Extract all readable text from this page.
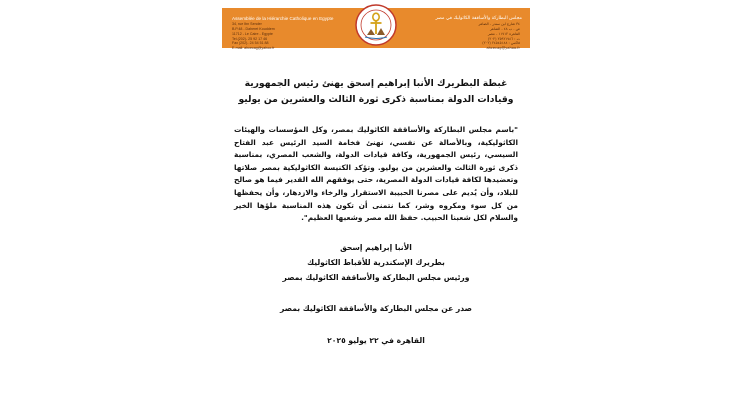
Assemblée de la Hiérarchie Catholique en Egypte	مجلس البطاركة والأساقفة الكاثوليك في مصر
34, rue Ibn Sender
B.P.48 - Daheret Kouddem
11712 - Le Caire - Egypte
Tel.(202)- 25 92 17 46
Fax (202)- 24 54 51 88
E-mail: ahcecag@yahoo.fr
٣٤ شارع ابن سندر - الضاهر
ص . ب ٤٨ - الضاهر
القاهرة ١١٧١٢ - مصر
ت : ٢٥٩٢١٧٤٦ (٢٠٢)
فاكس : ٢٤٥٤٥١٨٨ (٢٠٢)
ahcecag@yahoo.fr
غبطة البطريرك الأنبا إبراهيم إسحق يهنئ رئيس الجمهورية
وقيادات الدولة بمناسبة ذكرى ثورة الثالث والعشرين من يوليو
"باسم مجلس البطاركة والأساقفة الكاثوليك بمصر، وكل المؤسسات والهيئات الكاثوليكية، وبالأصالة عن نفسي، نهنئ فخامة السيد الرئيس عبد الفتاح السيسي، رئيس الجمهورية، وكافة قيادات الدولة، والشعب المصري، بمناسبة ذكرى ثورة الثالث والعشرين من يوليو. وتؤكد الكنيسة الكاثوليكية بمصر صلاتها وتعضيدها لكافة قيادات الدولة المصرية، حتى يوفقهم الله القدير فيما هو صالح للبلاد، وأن يُديم على مصرنا الحبيبة الاستقرار والرخاء والازدهار، وأن يحفظها من كل سوء ومكروه وشر، كما نتمنى أن تكون هذه المناسبة ملؤها الخير والسلام لكل شعبنا الحبيب. حفظ الله مصر وشعبها العظيم".
الأنبا إبراهيم إسحق
بطريرك الإسكندرية للأقباط الكاثوليك
ورئيس مجلس البطاركة والأساقفة الكاثوليك بمصر
صدر عن مجلس البطاركة والأساقفة الكاثوليك بمصر
القاهرة في ٢٢ يوليو ٢٠٢٥
